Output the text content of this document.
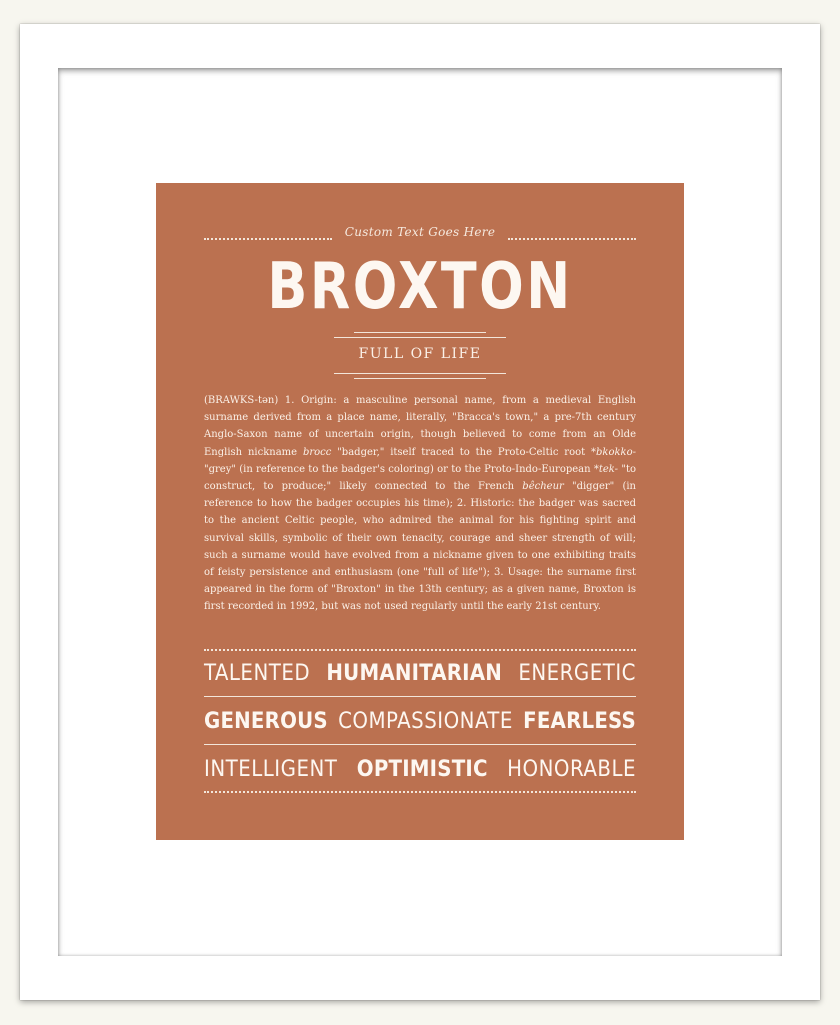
Custom Text Goes Here
BROXTON
FULL OF LIFE

(BRAWKS-tən) 1. Origin: a masculine personal name, from a medieval English surname derived from a place name, literally, "Bracca's town," a pre-7th century Anglo-Saxon name of uncertain origin, though believed to come from an Olde English nickname brocc "badger," itself traced to the Proto-Celtic root *bkokko- "grey" (in reference to the badger's coloring) or to the Proto-Indo-European *tek- "to construct, to produce;" likely connected to the French bêcheur "digger" (in reference to how the badger occupies his time); 2. Historic: the badger was sacred to the ancient Celtic people, who admired the animal for his fighting spirit and survival skills, symbolic of their own tenacity, courage and sheer strength of will; such a surname would have evolved from a nickname given to one exhibiting traits of feisty persistence and enthusiasm (one "full of life"); 3. Usage: the surname first appeared in the form of "Broxton" in the 13th century; as a given name, Broxton is first recorded in 1992, but was not used regularly until the early 21st century.

TALENTED HUMANITARIAN ENERGETIC
GENEROUS COMPASSIONATE FEARLESS
INTELLIGENT OPTIMISTIC HONORABLE
